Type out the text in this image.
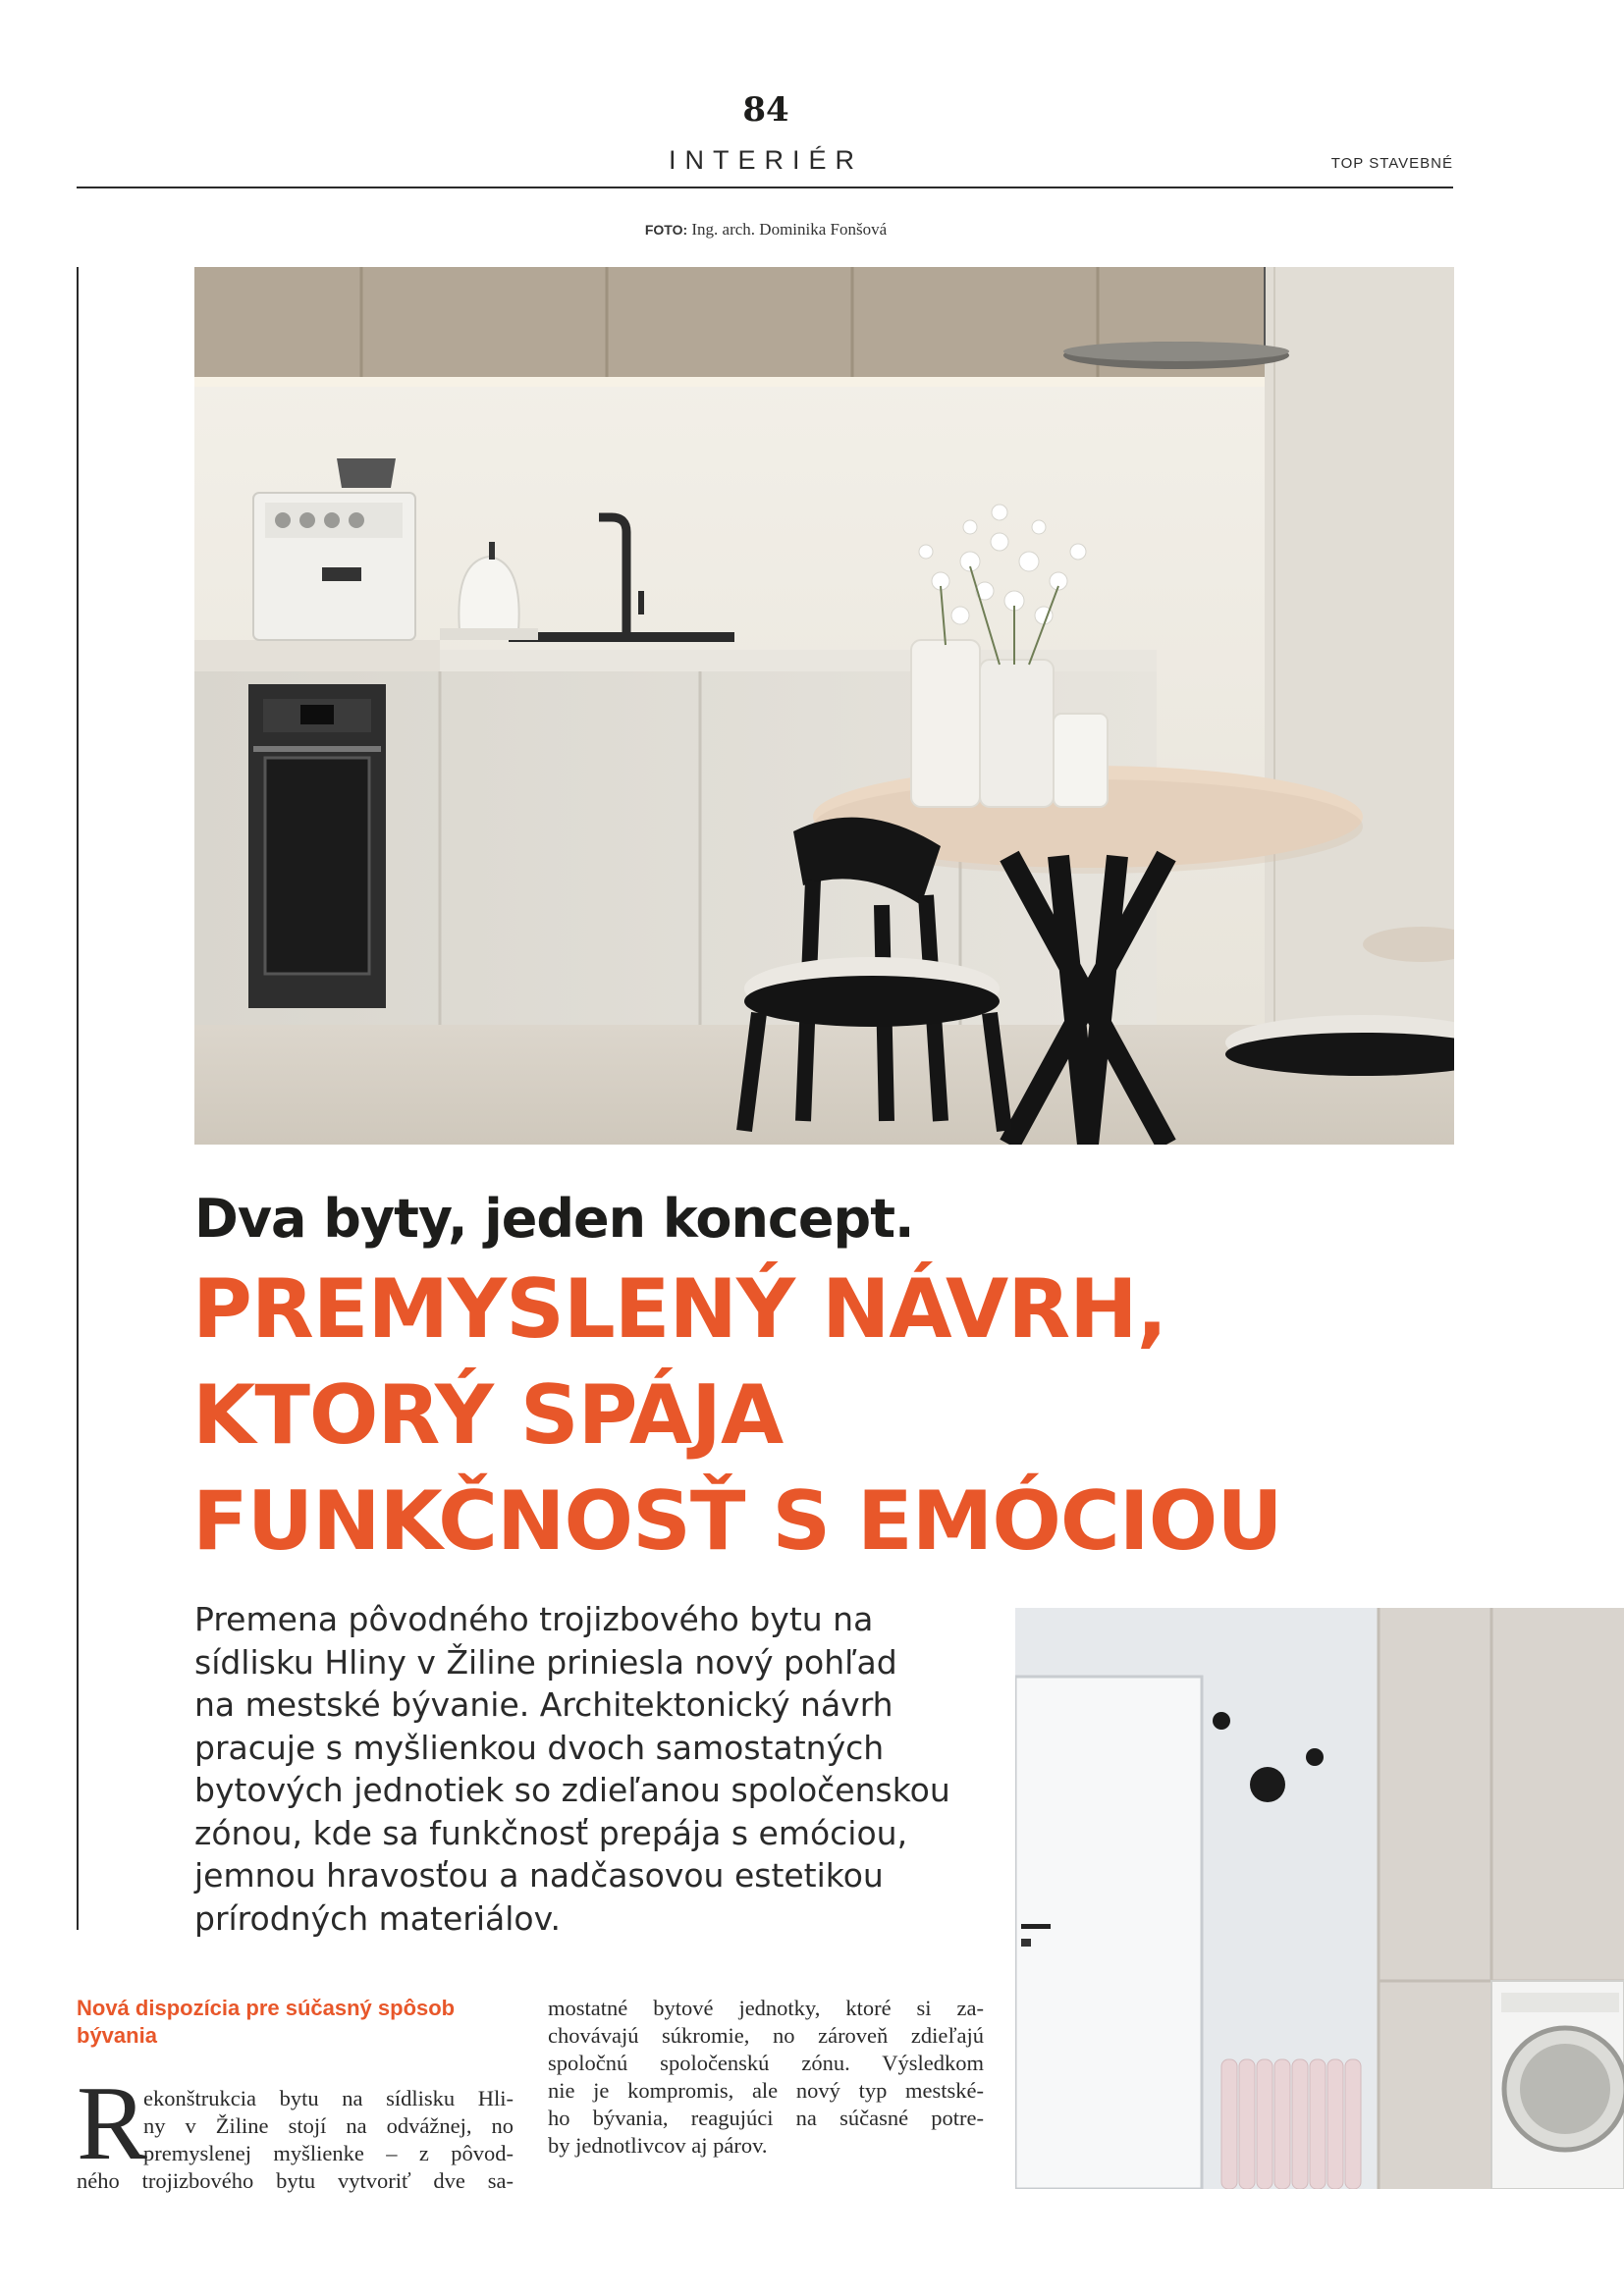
84
INTERIÉR	TOP STAVEBNÉ
FOTO: Ing. arch. Dominika Fonšová
Dva byty, jeden koncept.
PREMYSLENÝ NÁVRH,
KTORÝ SPÁJA
FUNKČNOSŤ S EMÓCIOU
Premena pôvodného trojizbového bytu na
sídlisku Hliny v Žiline priniesla nový pohľad
na mestské bývanie. Architektonický návrh
pracuje s myšlienkou dvoch samostatných
bytových jednotiek so zdieľanou spoločenskou
zónou, kde sa funkčnosť prepája s emóciou,
jemnou hravosťou a nadčasovou estetikou
prírodných materiálov.
Nová dispozícia pre súčasný spôsob bývania
R
ekonštrukcia bytu na sídlisku Hli-
ny v Žiline stojí na odvážnej, no
premyslenej myšlienke – z pôvod-
ného trojizbového bytu vytvoriť dve sa-
mostatné bytové jednotky, ktoré si za-
chovávajú súkromie, no zároveň zdieľajú
spoločnú spoločenskú zónu. Výsledkom
nie je kompromis, ale nový typ mestské-
ho bývania, reagujúci na súčasné potre-
by jednotlivcov aj párov.
